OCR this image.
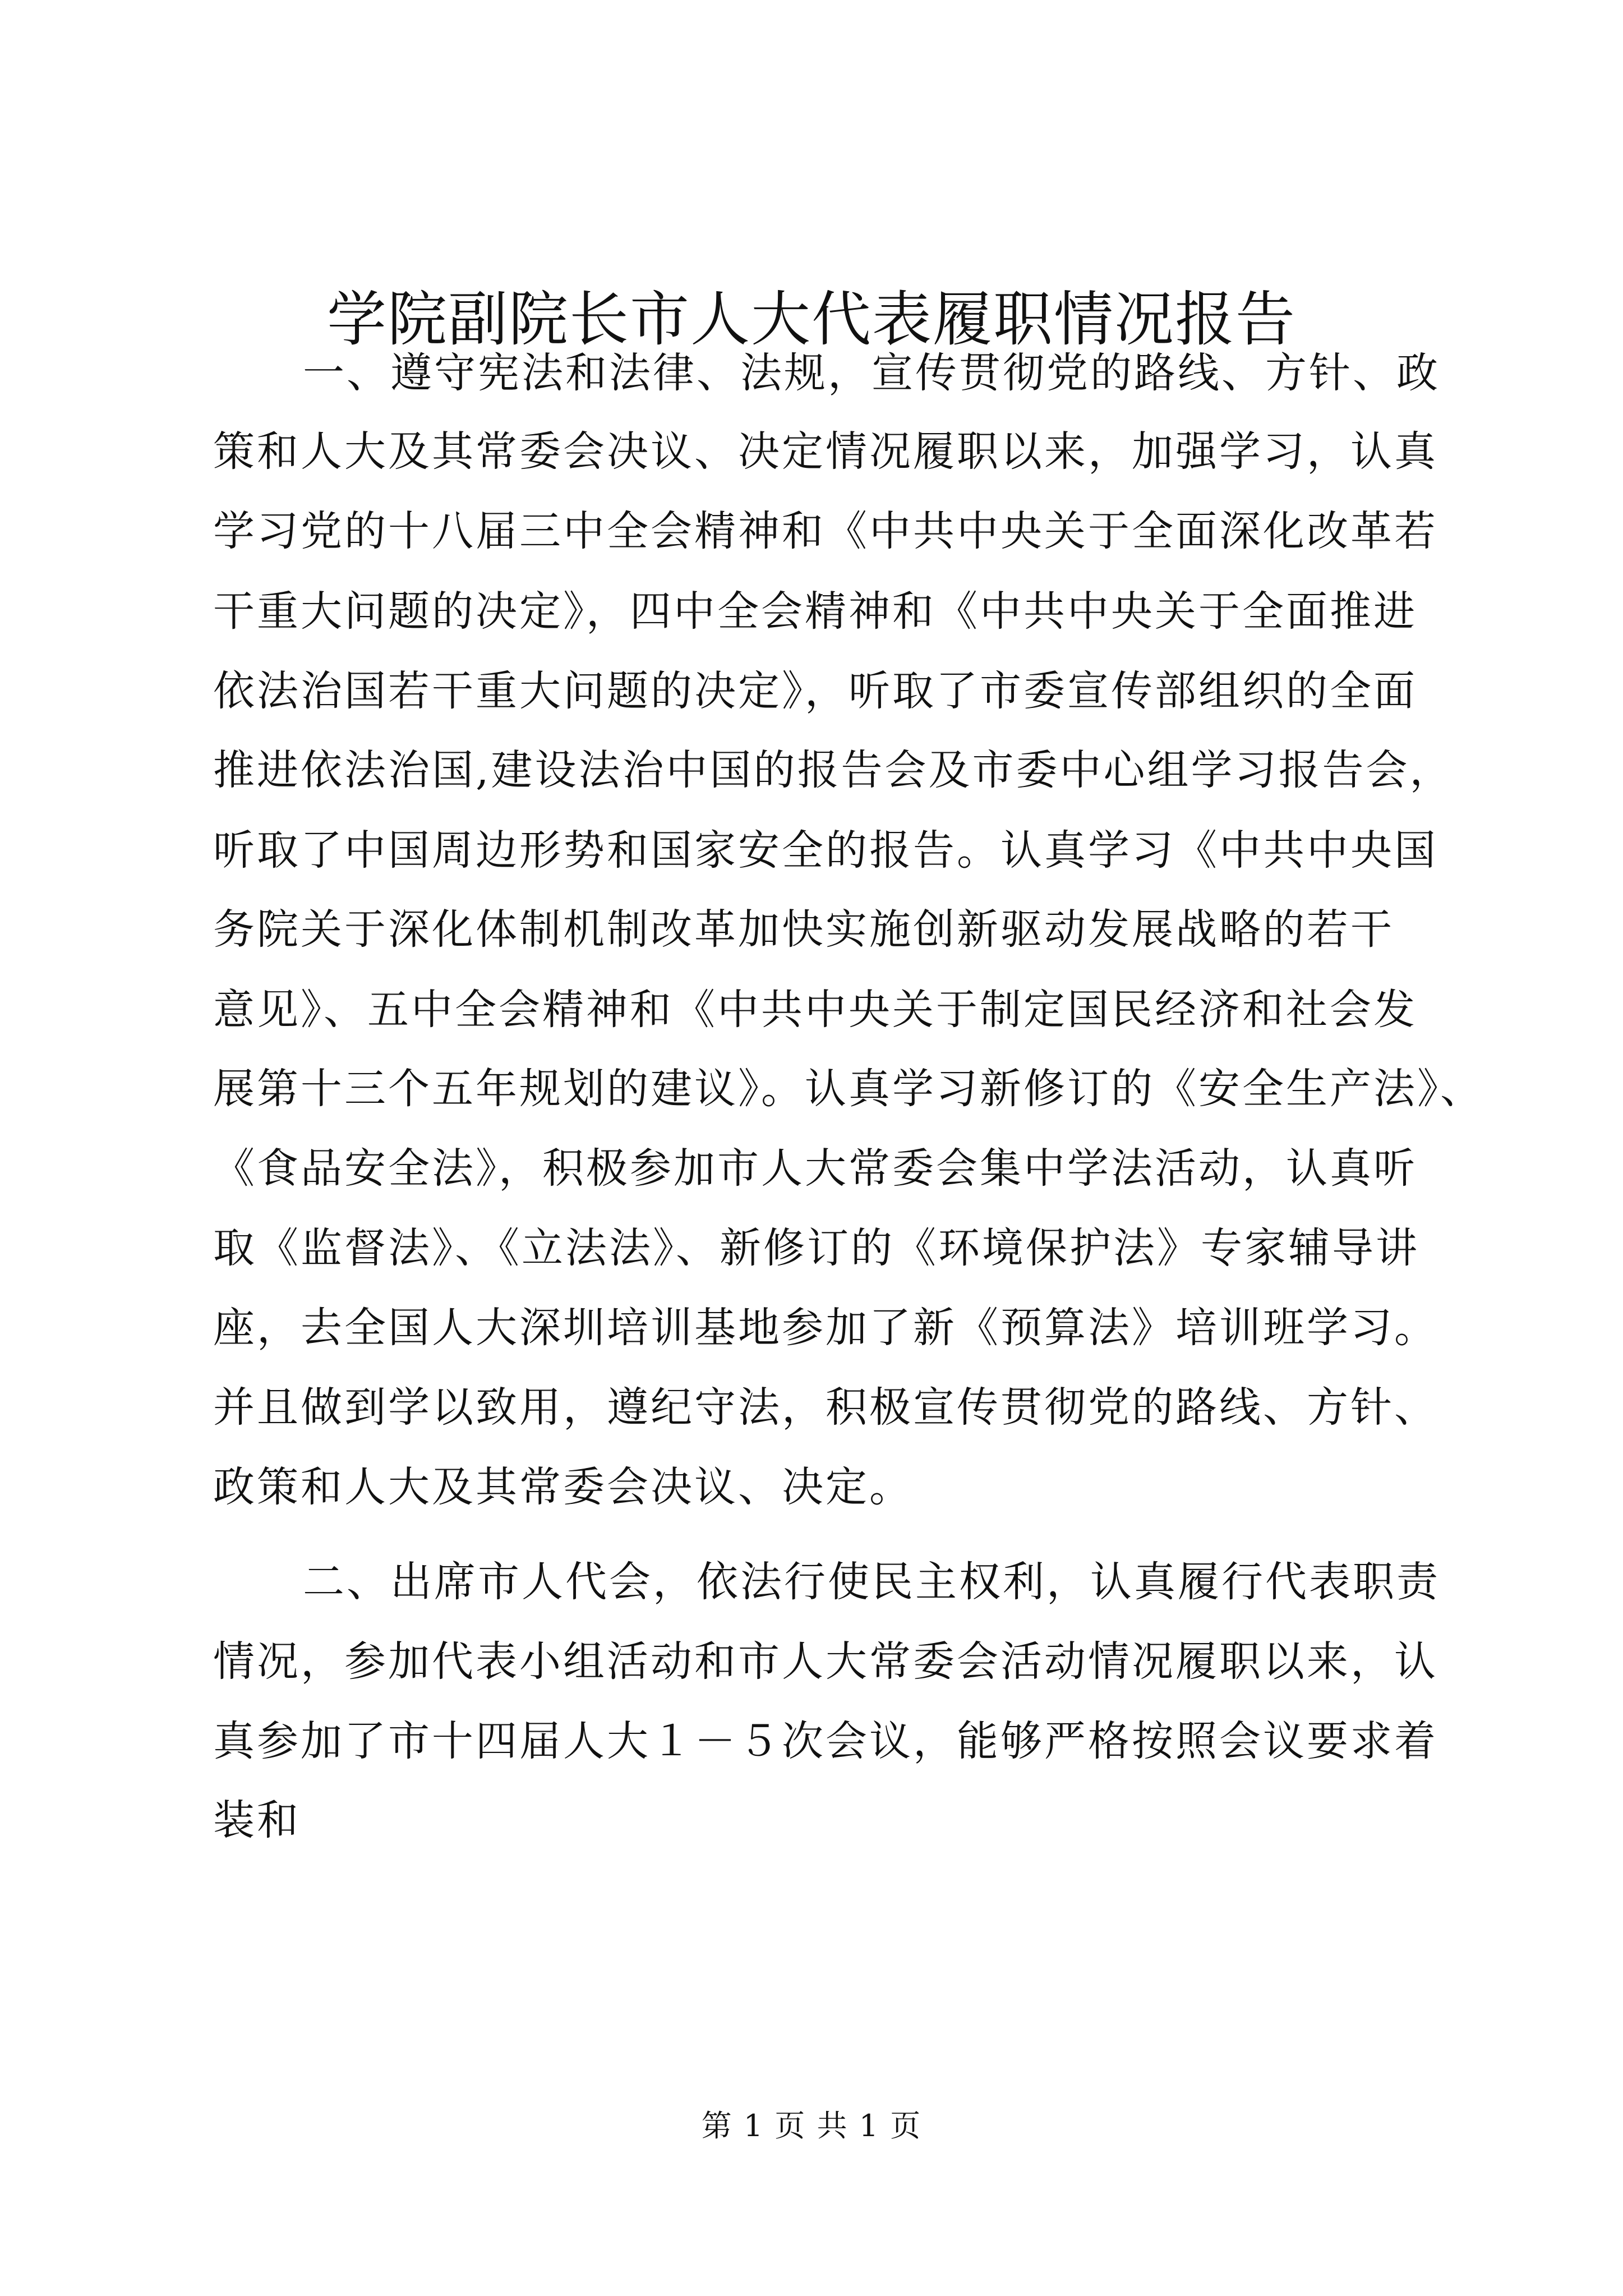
学院副院长市人大代表履职情况报告
一、遵守宪法和法律、法规，宣传贯彻党的路线、方针、政
策和人大及其常委会决议、决定情况履职以来，加强学习，认真
学习党的十八届三中全会精神和《中共中央关于全面深化改革若
干重大问题的决定》，四中全会精神和《中共中央关于全面推进
依法治国若干重大问题的决定》，听取了市委宣传部组织的全面
推进依法治国,建设法治中国的报告会及市委中心组学习报告会，
听取了中国周边形势和国家安全的报告。认真学习《中共中央国
务院关于深化体制机制改革加快实施创新驱动发展战略的若干
意见》、五中全会精神和《中共中央关于制定国民经济和社会发
展第十三个五年规划的建议》。认真学习新修订的《安全生产法》、
《食品安全法》，积极参加市人大常委会集中学法活动，认真听
取《监督法》、《立法法》、新修订的《环境保护法》专家辅导讲
座，去全国人大深圳培训基地参加了新《预算法》培训班学习。
并且做到学以致用，遵纪守法，积极宣传贯彻党的路线、方针、
政策和人大及其常委会决议、决定。
二、出席市人代会，依法行使民主权利，认真履行代表职责
情况，参加代表小组活动和市人大常委会活动情况履职以来，认
真参加了市十四届人大１－５次会议，能够严格按照会议要求着
装和
第 1 页 共 1 页
